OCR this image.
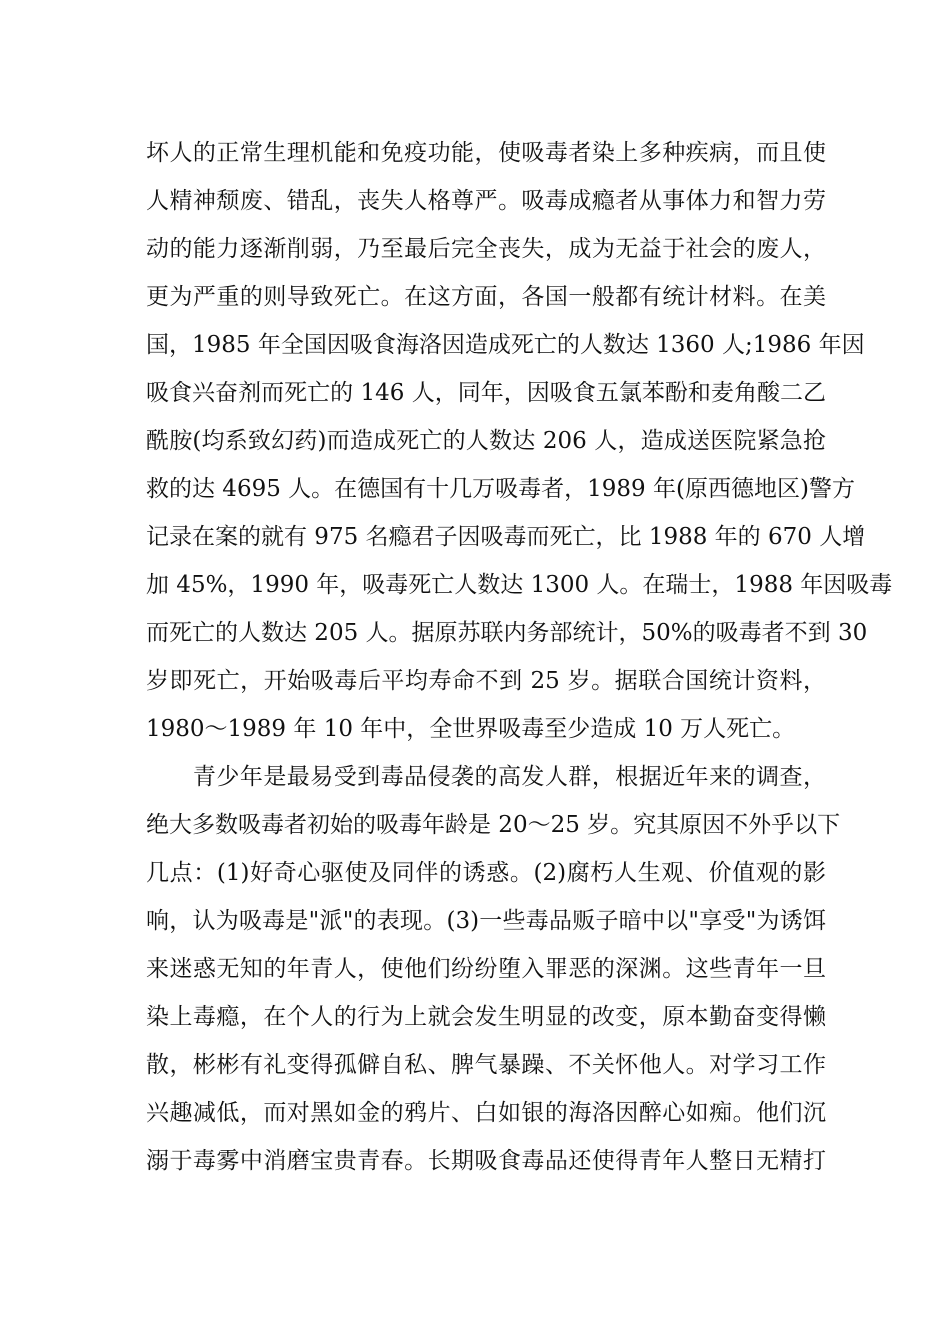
坏人的正常生理机能和免疫功能，使吸毒者染上多种疾病，而且使
人精神颓废、错乱，丧失人格尊严。吸毒成瘾者从事体力和智力劳
动的能力逐渐削弱，乃至最后完全丧失，成为无益于社会的废人，
更为严重的则导致死亡。在这方面，各国一般都有统计材料。在美
国，1985 年全国因吸食海洛因造成死亡的人数达 1360 人;1986 年因
吸食兴奋剂而死亡的 146 人，同年，因吸食五氯苯酚和麦角酸二乙
酰胺(均系致幻药)而造成死亡的人数达 206 人，造成送医院紧急抢
救的达 4695 人。在德国有十几万吸毒者，1989 年(原西德地区)警方
记录在案的就有 975 名瘾君子因吸毒而死亡，比 1988 年的 670 人增
加 45%，1990 年，吸毒死亡人数达 1300 人。在瑞士，1988 年因吸毒
而死亡的人数达 205 人。据原苏联内务部统计，50%的吸毒者不到 30
岁即死亡，开始吸毒后平均寿命不到 25 岁。据联合国统计资料，
1980～1989 年 10 年中，全世界吸毒至少造成 10 万人死亡。
　　青少年是最易受到毒品侵袭的高发人群，根据近年来的调查，
绝大多数吸毒者初始的吸毒年龄是 20～25 岁。究其原因不外乎以下
几点：(1)好奇心驱使及同伴的诱惑。(2)腐朽人生观、价值观的影
响，认为吸毒是"派"的表现。(3)一些毒品贩子暗中以"享受"为诱饵
来迷惑无知的年青人，使他们纷纷堕入罪恶的深渊。这些青年一旦
染上毒瘾，在个人的行为上就会发生明显的改变，原本勤奋变得懒
散，彬彬有礼变得孤僻自私、脾气暴躁、不关怀他人。对学习工作
兴趣减低，而对黑如金的鸦片、白如银的海洛因醉心如痴。他们沉
溺于毒雾中消磨宝贵青春。长期吸食毒品还使得青年人整日无精打
